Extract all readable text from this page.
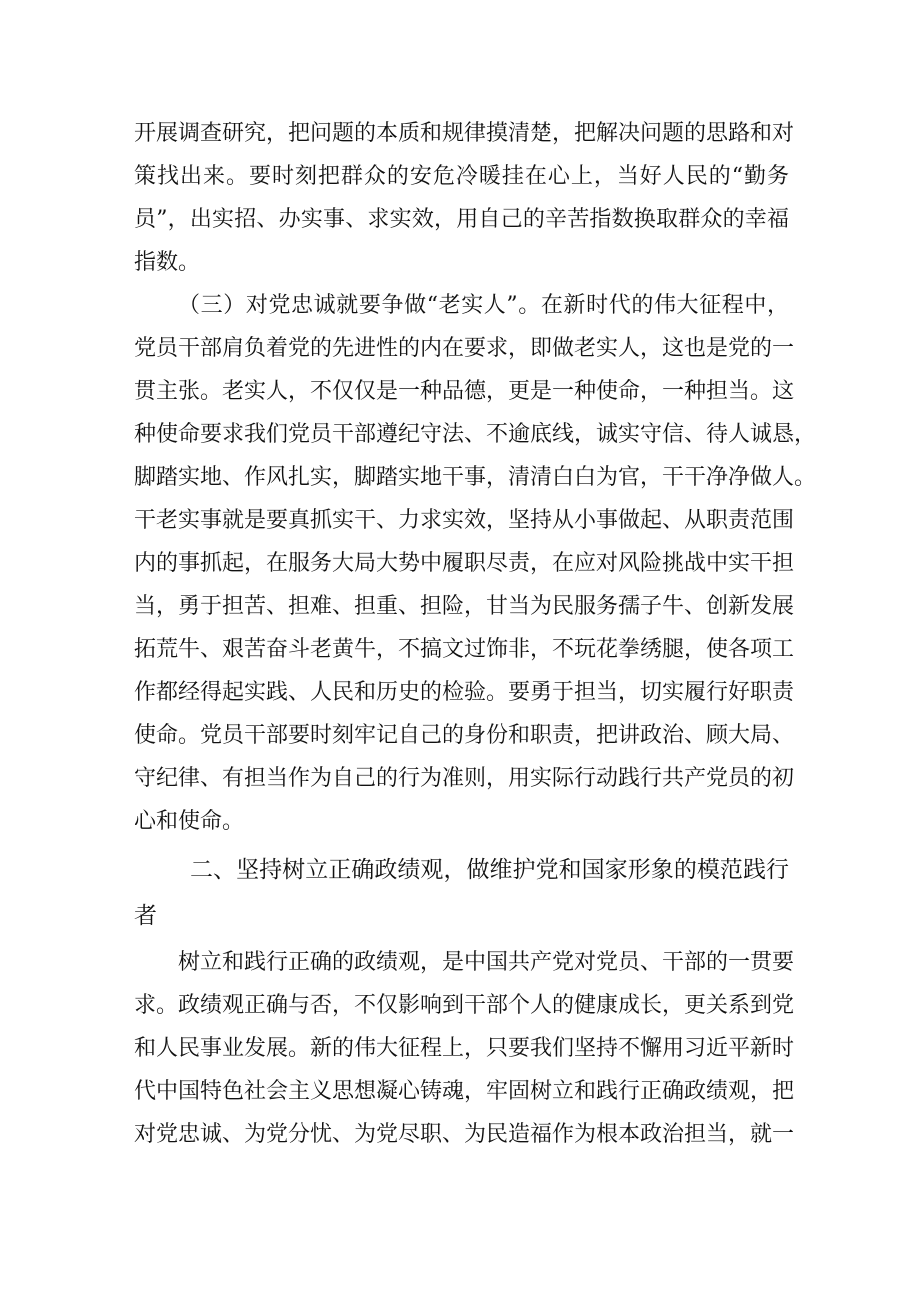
开展调查研究，把问题的本质和规律摸清楚，把解决问题的思路和对
策找出来。要时刻把群众的安危冷暖挂在心上，当好人民的“勤务
员”，出实招、办实事、求实效，用自己的辛苦指数换取群众的幸福
指数。
（三）对党忠诚就要争做“老实人”。在新时代的伟大征程中，
党员干部肩负着党的先进性的内在要求，即做老实人，这也是党的一
贯主张。老实人，不仅仅是一种品德，更是一种使命，一种担当。这
种使命要求我们党员干部遵纪守法、不逾底线，诚实守信、待人诚恳，
脚踏实地、作风扎实，脚踏实地干事，清清白白为官，干干净净做人。
干老实事就是要真抓实干、力求实效，坚持从小事做起、从职责范围
内的事抓起，在服务大局大势中履职尽责，在应对风险挑战中实干担
当，勇于担苦、担难、担重、担险，甘当为民服务孺子牛、创新发展
拓荒牛、艰苦奋斗老黄牛，不搞文过饰非，不玩花拳绣腿，使各项工
作都经得起实践、人民和历史的检验。要勇于担当，切实履行好职责
使命。党员干部要时刻牢记自己的身份和职责，把讲政治、顾大局、
守纪律、有担当作为自己的行为准则，用实际行动践行共产党员的初
心和使命。
二、坚持树立正确政绩观，做维护党和国家形象的模范践行
者
树立和践行正确的政绩观，是中国共产党对党员、干部的一贯要
求。政绩观正确与否，不仅影响到干部个人的健康成长，更关系到党
和人民事业发展。新的伟大征程上，只要我们坚持不懈用习近平新时
代中国特色社会主义思想凝心铸魂，牢固树立和践行正确政绩观，把
对党忠诚、为党分忧、为党尽职、为民造福作为根本政治担当，就一
